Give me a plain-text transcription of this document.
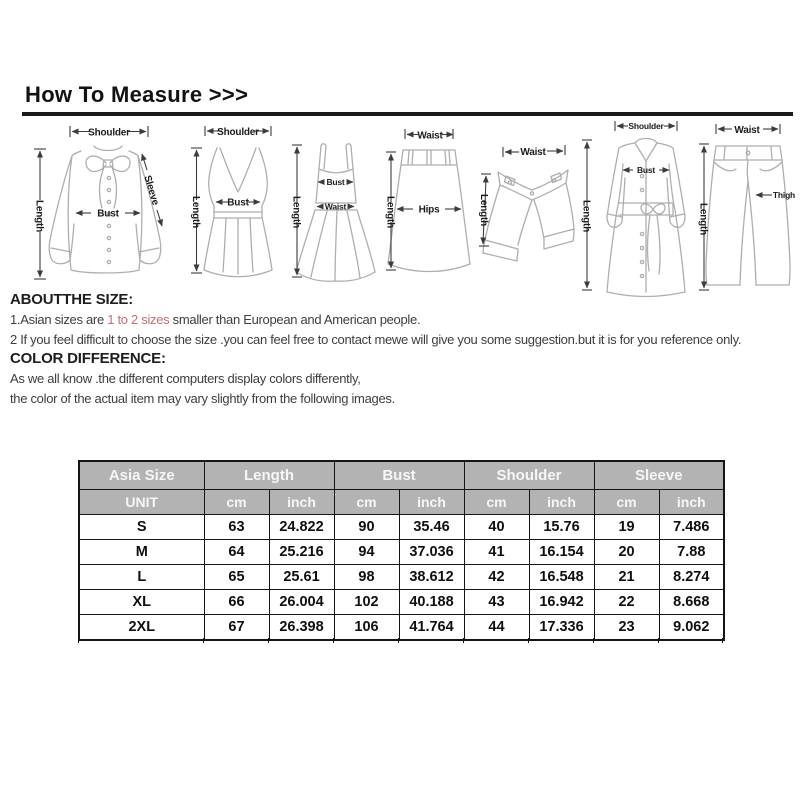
How To Measure >>>
Shoulder
Length	Bust
Sleeve
Shoulder
Length	Bust	Length
Bust
Waist
Waist
Hips
Length
Waist
Length
Shoulder
Bust
Length
Waist
Thigh
Length
ABOUTTHE SIZE:
1.Asian sizes are 1 to 2 sizes smaller than European and American people.
2 If you feel difficult to choose the size .you can feel free to contact mewe will give you some suggestion.but it is for you reference only.
COLOR DIFFERENCE:
As we all know .the different computers display colors differently,
the color of the actual item may vary slightly from the following images.
Asia Size	Length		Bust		Shoulder		Sleeve	
UNIT	cm	inch	cm	inch	cm	inch	cm	inch
S	63	24.822	90	35.46	40	15.76	19	7.486
M	64	25.216	94	37.036	41	16.154	20	7.88
L	65	25.61	98	38.612	42	16.548	21	8.274
XL	66	26.004	102	40.188	43	16.942	22	8.668
2XL	67	26.398	106	41.764	44	17.336	23	9.062
